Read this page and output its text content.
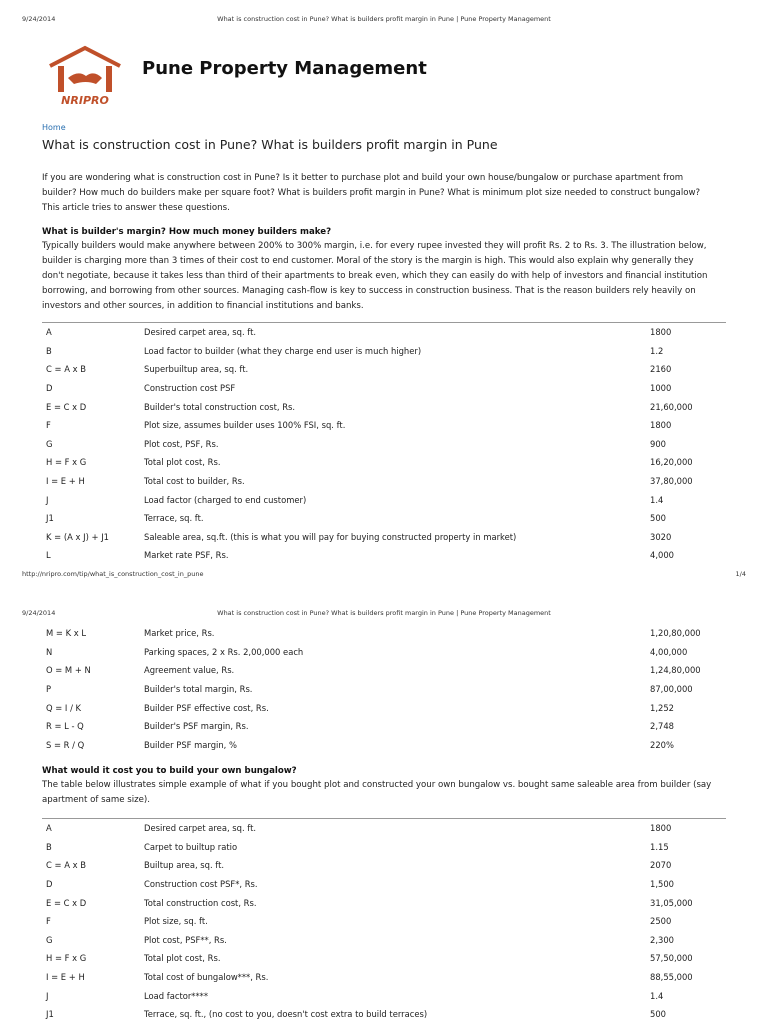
9/24/2014	What is construction cost in Pune? What is builders profit margin in Pune | Pune Property Management
NRIPRO
Pune Property Management
Home
What is construction cost in Pune? What is builders profit margin in Pune

If you are wondering what is construction cost in Pune? Is it better to purchase plot and build your own house/bungalow or purchase apartment from builder? How much do builders make per square foot? What is builders profit margin in Pune? What is minimum plot size needed to construct bungalow? This article tries to answer these questions.

What is builder's margin? How much money builders make?

Typically builders would make anywhere between 200% to 300% margin, i.e. for every rupee invested they will profit Rs. 2 to Rs. 3. The illustration below, builder is charging more than 3 times of their cost to end customer. Moral of the story is the margin is high. This would also explain why generally they don't negotiate, because it takes less than third of their apartments to break even, which they can easily do with help of investors and financial institution borrowing, and borrowing from other sources. Managing cash-flow is key to success in construction business. That is the reason builders rely heavily on investors and other sources, in addition to financial institutions and banks.

A	Desired carpet area, sq. ft.	1800
B	Load factor to builder (what they charge end user is much higher)	1.2
C = A x B	Superbuiltup area, sq. ft.	2160
D	Construction cost PSF	1000
E = C x D	Builder's total construction cost, Rs.	21,60,000
F	Plot size, assumes builder uses 100% FSI, sq. ft.	1800
G	Plot cost, PSF, Rs.	900
H = F x G	Total plot cost, Rs.	16,20,000
I = E + H	Total cost to builder, Rs.	37,80,000
J	Load factor (charged to end customer)	1.4
J1	Terrace, sq. ft.	500
K = (A x J) + J1	Saleable area, sq.ft. (this is what you will pay for buying constructed property in market)	3020
L	Market rate PSF, Rs.	4,000
http://nripro.com/tip/what_is_construction_cost_in_pune	1/4
9/24/2014	What is construction cost in Pune? What is builders profit margin in Pune | Pune Property Management
M = K x L	Market price, Rs.	1,20,80,000
N	Parking spaces, 2 x Rs. 2,00,000 each	4,00,000
O = M + N	Agreement value, Rs.	1,24,80,000
P	Builder's total margin, Rs.	87,00,000
Q = I / K	Builder PSF effective cost, Rs.	1,252
R = L - Q	Builder's PSF margin, Rs.	2,748
S = R / Q	Builder PSF margin, %	220%
What would it cost you to build your own bungalow?

The table below illustrates simple example of what if you bought plot and constructed your own bungalow vs. bought same saleable area from builder (say apartment of same size).

A	Desired carpet area, sq. ft.	1800
B	Carpet to builtup ratio	1.15
C = A x B	Builtup area, sq. ft.	2070
D	Construction cost PSF*, Rs.	1,500
E = C x D	Total construction cost, Rs.	31,05,000
F	Plot size, sq. ft.	2500
G	Plot cost, PSF**, Rs.	2,300
H = F x G	Total plot cost, Rs.	57,50,000
I = E + H	Total cost of bungalow***, Rs.	88,55,000
J	Load factor****	1.4
J1	Terrace, sq. ft., (no cost to you, doesn't cost extra to build terraces)	500
